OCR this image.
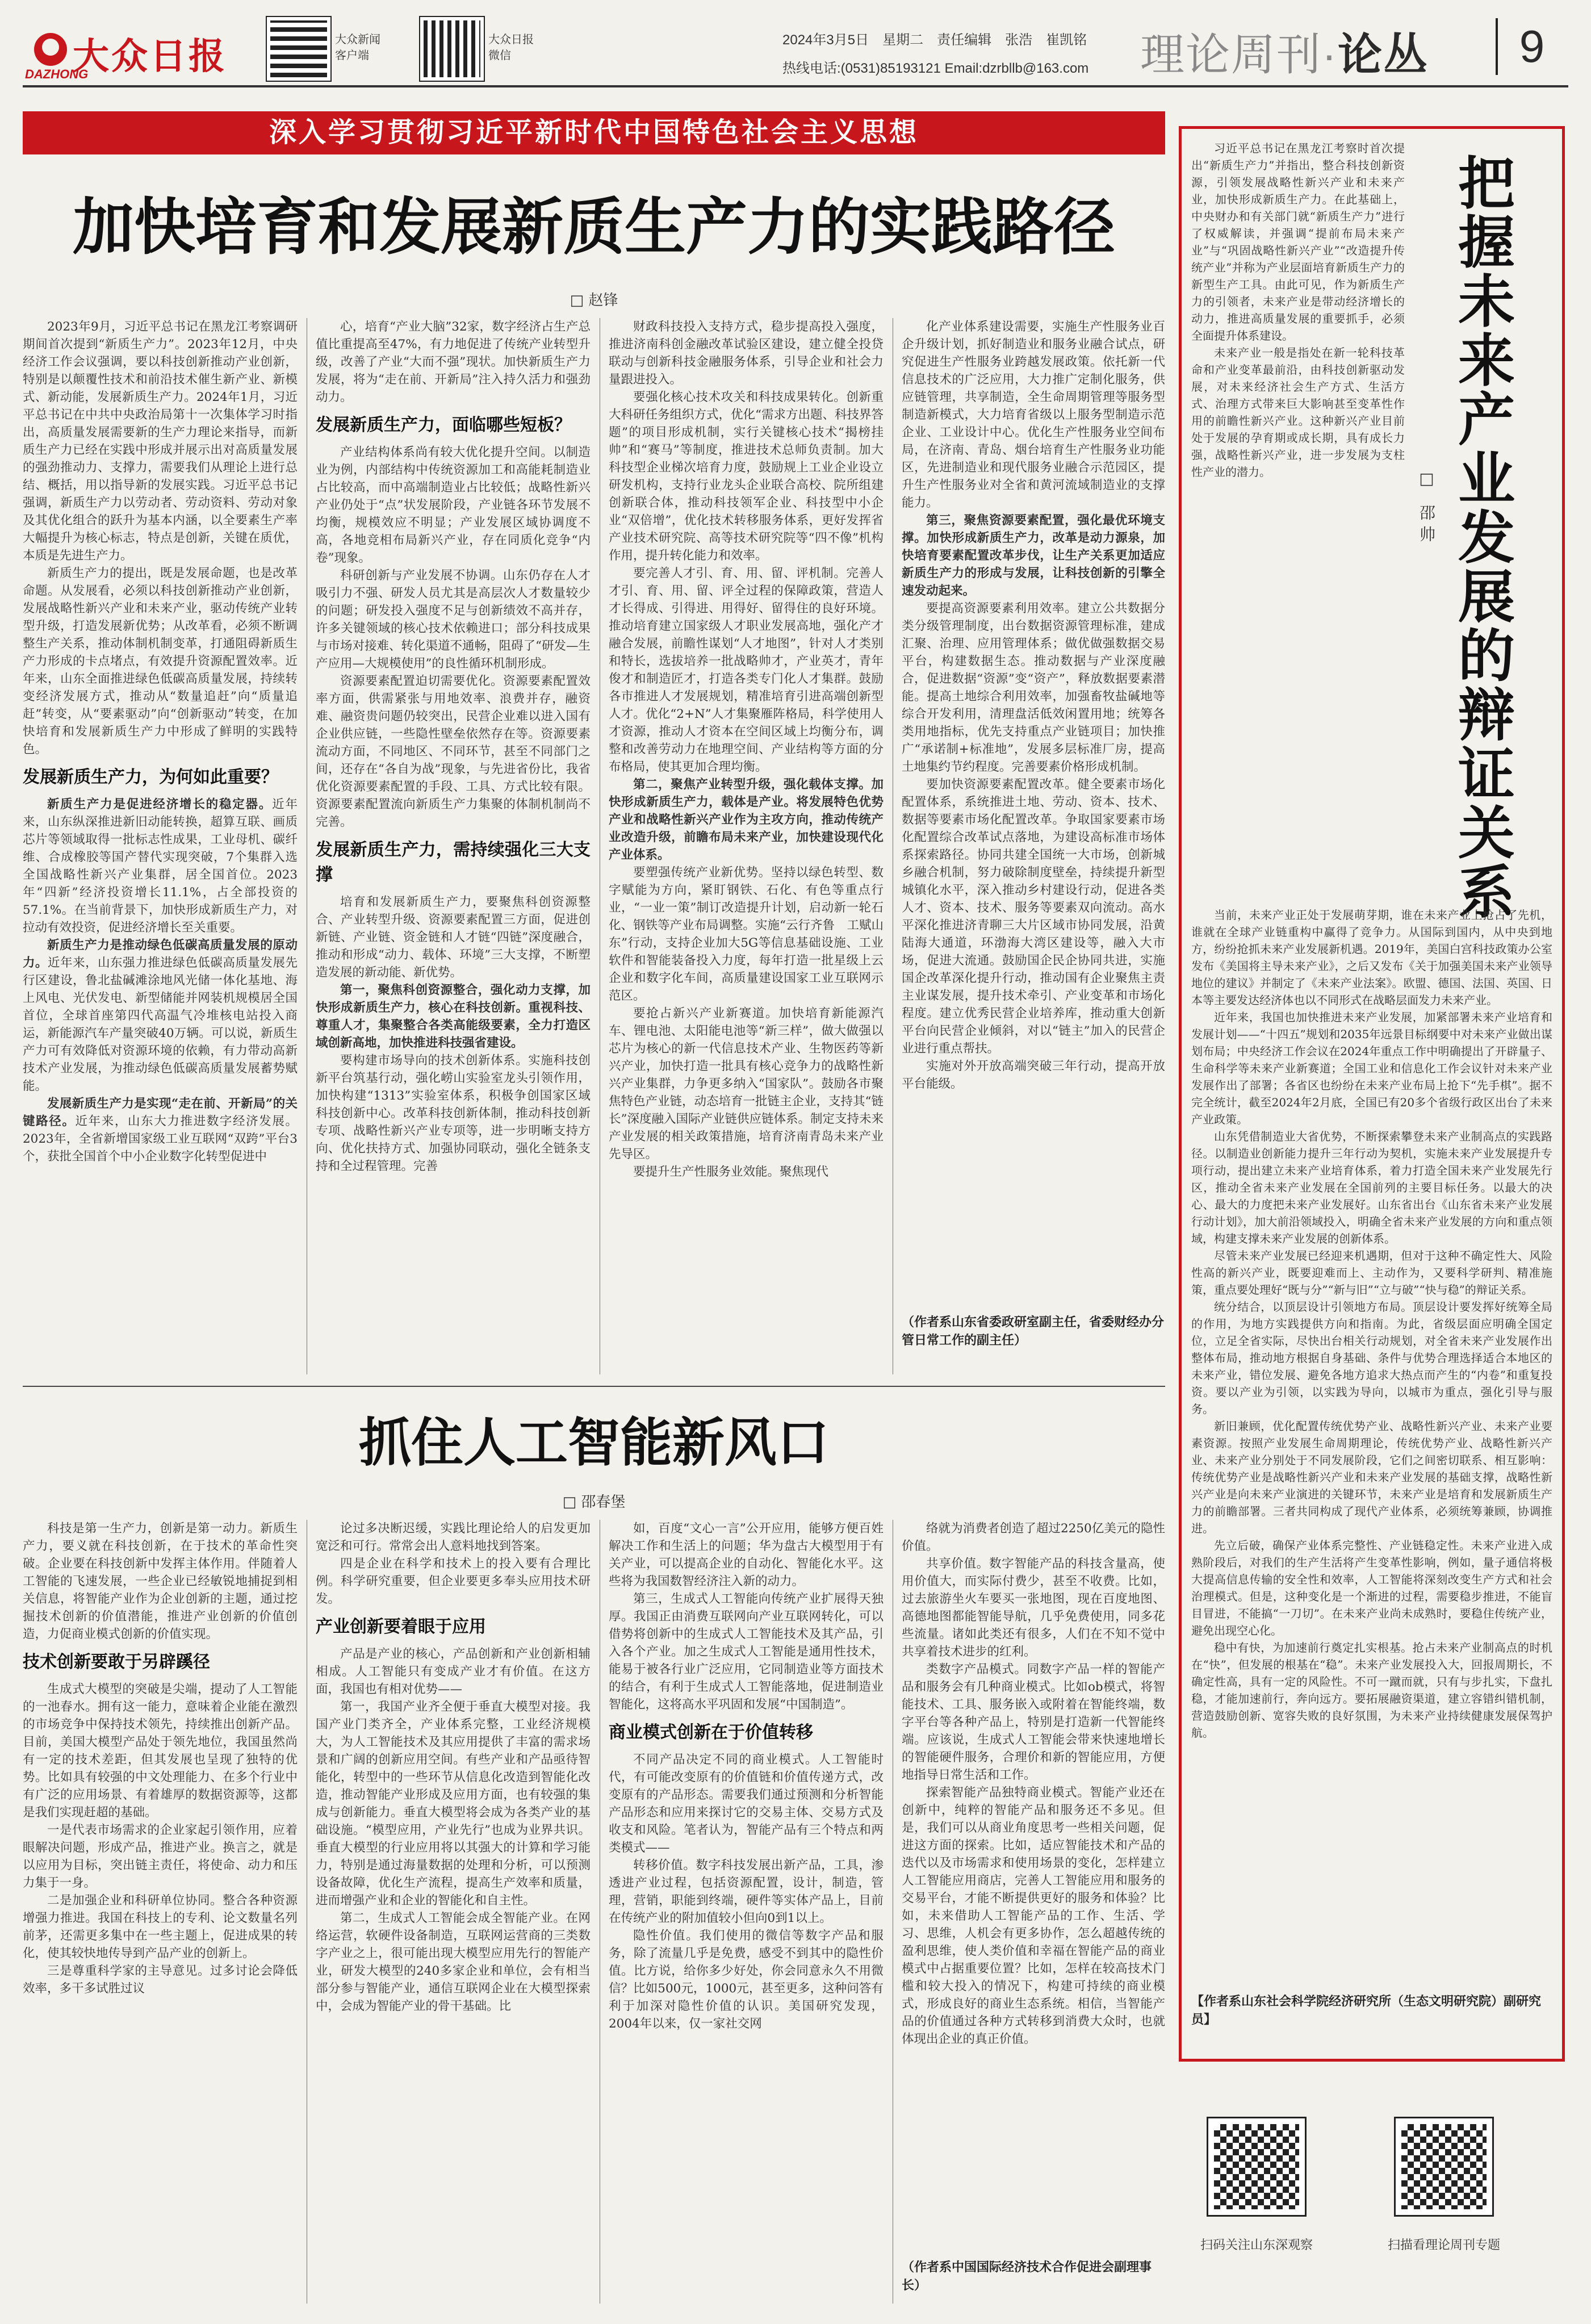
大众日报
DAZHONG
大众新闻
客户端
大众日报
微信
2024年3月5日　星期二　责任编辑　张浩　崔凯铭
热线电话:(0531)85193121 Email:dzrbllb@163.com 理论周刊·论丛	9
深入学习贯彻习近平新时代中国特色社会主义思想
加快培育和发展新质生产力的实践路径
□ 赵锋

2023年9月，习近平总书记在黑龙江考察调研期间首次提到“新质生产力”。2023年12月，中央经济工作会议强调，要以科技创新推动产业创新，特别是以颠覆性技术和前沿技术催生新产业、新模式、新动能，发展新质生产力。2024年1月，习近平总书记在中共中央政治局第十一次集体学习时指出，高质量发展需要新的生产力理论来指导，而新质生产力已经在实践中形成并展示出对高质量发展的强劲推动力、支撑力，需要我们从理论上进行总结、概括，用以指导新的发展实践。习近平总书记强调，新质生产力以劳动者、劳动资料、劳动对象及其优化组合的跃升为基本内涵，以全要素生产率大幅提升为核心标志，特点是创新，关键在质优，本质是先进生产力。

新质生产力的提出，既是发展命题，也是改革命题。从发展看，必须以科技创新推动产业创新，发展战略性新兴产业和未来产业，驱动传统产业转型升级，打造发展新优势；从改革看，必须不断调整生产关系，推动体制机制变革，打通阻碍新质生产力形成的卡点堵点，有效提升资源配置效率。近年来，山东全面推进绿色低碳高质量发展，持续转变经济发展方式，推动从“数量追赶”向“质量追赶”转变，从“要素驱动”向“创新驱动”转变，在加快培育和发展新质生产力中形成了鲜明的实践特色。

发展新质生产力，为何如此重要？

新质生产力是促进经济增长的稳定器。近年来，山东纵深推进新旧动能转换，超算互联、画质芯片等领域取得一批标志性成果，工业母机、碳纤维、合成橡胶等国产替代实现突破，7个集群入选全国战略性新兴产业集群，居全国首位。2023年“四新”经济投资增长11.1%，占全部投资的57.1%。在当前背景下，加快形成新质生产力，对拉动有效投资，促进经济增长至关重要。

新质生产力是推动绿色低碳高质量发展的原动力。近年来，山东强力推进绿色低碳高质量发展先行区建设，鲁北盐碱滩涂地风光储一体化基地、海上风电、光伏发电、新型储能并网装机规模居全国首位，全球首座第四代高温气冷堆核电站投入商运，新能源汽车产量突破40万辆。可以说，新质生产力可有效降低对资源环境的依赖，有力带动高新技术产业发展，为推动绿色低碳高质量发展蓄势赋能。

发展新质生产力是实现“走在前、开新局”的关键路径。近年来，山东大力推进数字经济发展。2023年，全省新增国家级工业互联网“双跨”平台3个，获批全国首个中小企业数字化转型促进中

心，培育“产业大脑”32家，数字经济占生产总值比重提高至47%，有力地促进了传统产业转型升级，改善了产业“大而不强”现状。加快新质生产力发展，将为“走在前、开新局”注入持久活力和强劲动力。

发展新质生产力，面临哪些短板？

产业结构体系尚有较大优化提升空间。以制造业为例，内部结构中传统资源加工和高能耗制造业占比较高，而中高端制造业占比较低；战略性新兴产业仍处于“点”状发展阶段，产业链各环节发展不均衡，规模效应不明显；产业发展区域协调度不高，各地竞相布局新兴产业，存在同质化竞争“内卷”现象。

科研创新与产业发展不协调。山东仍存在人才吸引力不强、研发人员尤其是高层次人才数量较少的问题；研发投入强度不足与创新绩效不高并存，许多关键领域的核心技术依赖进口；部分科技成果与市场对接难、转化渠道不通畅，阻碍了“研发—生产应用—大规模使用”的良性循环机制形成。

资源要素配置迫切需要优化。资源要素配置效率方面，供需紧张与用地效率、浪费并存，融资难、融资贵问题仍较突出，民营企业难以进入国有企业供应链，一些隐性壁垒依然存在等。资源要素流动方面，不同地区、不同环节，甚至不同部门之间，还存在“各自为战”现象，与先进省份比，我省优化资源要素配置的手段、工具、方式比较有限。资源要素配置流向新质生产力集聚的体制机制尚不完善。

发展新质生产力，需持续强化三大支撑

培育和发展新质生产力，要聚焦科创资源整合、产业转型升级、资源要素配置三方面，促进创新链、产业链、资金链和人才链“四链”深度融合，推动和形成“动力、载体、环境”三大支撑，不断塑造发展的新动能、新优势。

第一，聚焦科创资源整合，强化动力支撑，加快形成新质生产力，核心在科技创新。重视科技、尊重人才，集聚整合各类高能级要素，全力打造区域创新高地，加快推进科技强省建设。

要构建市场导向的技术创新体系。实施科技创新平台筑基行动，强化崂山实验室龙头引领作用，加快构建“1313”实验室体系，积极争创国家区域科技创新中心。改革科技创新体制，推动科技创新专项、战略性新兴产业专项等，进一步明晰支持方向、优化扶持方式、加强协同联动，强化全链条支持和全过程管理。完善

财政科技投入支持方式，稳步提高投入强度，推进济南科创金融改革试验区建设，建立健全投贷联动与创新科技金融服务体系，引导企业和社会力量跟进投入。

要强化核心技术攻关和科技成果转化。创新重大科研任务组织方式，优化“需求方出题、科技界答题”的项目形成机制，实行关键核心技术“揭榜挂帅”和“赛马”等制度，推进技术总师负责制。加大科技型企业梯次培育力度，鼓励规上工业企业设立研发机构，支持行业龙头企业联合高校、院所组建创新联合体，推动科技领军企业、科技型中小企业“双倍增”，优化技术转移服务体系，更好发挥省产业技术研究院、高等技术研究院等“四不像”机构作用，提升转化能力和效率。

要完善人才引、育、用、留、评机制。完善人才引、育、用、留、评全过程的保障政策，营造人才长得成、引得进、用得好、留得住的良好环境。推动培育建立国家级人才职业发展高地，强化产才融合发展，前瞻性谋划“人才地图”，针对人才类别和特长，选拔培养一批战略帅才，产业英才，青年俊才和制造匠才，打造各类专门化人才集群。鼓励各市推进人才发展规划，精准培育引进高端创新型人才。优化“2+N”人才集聚雁阵格局，科学使用人才资源，推动人才资本在空间区域上均衡分布，调整和改善劳动力在地理空间、产业结构等方面的分布格局，使其更加合理均衡。

第二，聚焦产业转型升级，强化载体支撑。加快形成新质生产力，载体是产业。将发展特色优势产业和战略性新兴产业作为主攻方向，推动传统产业改造升级，前瞻布局未来产业，加快建设现代化产业体系。

要塑强传统产业新优势。坚持以绿色转型、数字赋能为方向，紧盯钢铁、石化、有色等重点行业，“一业一策”制订改造提升计划，启动新一轮石化、钢铁等产业布局调整。实施“云行齐鲁　工赋山东”行动，支持企业加大5G等信息基础设施、工业软件和智能装备投入力度，每年打造一批星级上云企业和数字化车间，高质量建设国家工业互联网示范区。

要抢占新兴产业新赛道。加快培育新能源汽车、锂电池、太阳能电池等“新三样”，做大做强以芯片为核心的新一代信息技术产业、生物医药等新兴产业，加快打造一批具有核心竞争力的战略性新兴产业集群，力争更多纳入“国家队”。鼓励各市聚焦特色产业链，动态培育一批链主企业，支持其“链长”深度融入国际产业链供应链体系。制定支持未来产业发展的相关政策措施，培育济南青岛未来产业先导区。

要提升生产性服务业效能。聚焦现代

化产业体系建设需要，实施生产性服务业百企升级计划，抓好制造业和服务业融合试点，研究促进生产性服务业跨越发展政策。依托新一代信息技术的广泛应用，大力推广定制化服务，供应链管理，共享制造，全生命周期管理等服务型制造新模式，大力培育省级以上服务型制造示范企业、工业设计中心。优化生产性服务业空间布局，在济南、青岛、烟台培育生产性服务业功能区，先进制造业和现代服务业融合示范园区，提升生产性服务业对全省和黄河流域制造业的支撑能力。

第三，聚焦资源要素配置，强化最优环境支撑。加快形成新质生产力，改革是动力源泉，加快培育要素配置改革步伐，让生产关系更加适应新质生产力的形成与发展，让科技创新的引擎全速发动起来。

要提高资源要素利用效率。建立公共数据分类分级管理制度，出台数据资源管理标准，建成汇聚、治理、应用管理体系；做优做强数据交易平台，构建数据生态。推动数据与产业深度融合，促进数据“资源”变“资产”，释放数据要素潜能。提高土地综合利用效率，加强畜牧盐碱地等综合开发利用，清理盘活低效闲置用地；统筹各类用地指标，优先支持重点产业链项目；加快推广“承诺制+标准地”，发展多层标准厂房，提高土地集约节约程度。完善要素价格形成机制。

要加快资源要素配置改革。健全要素市场化配置体系，系统推进土地、劳动、资本、技术、数据等要素市场化配置改革。争取国家要素市场化配置综合改革试点落地，为建设高标准市场体系探索路径。协同共建全国统一大市场，创新城乡融合机制，努力破除制度壁垒，持续提升新型城镇化水平，深入推动乡村建设行动，促进各类人才、资本、技术、服务等要素双向流动。高水平深化推进济青聊三大片区域市协同发展，沿黄陆海大通道，环渤海大湾区建设等，融入大市场，促进大流通。鼓励国企民企协同共进，实施国企改革深化提升行动，推动国有企业聚焦主责主业谋发展，提升技术牵引、产业变革和市场化程度。建立优秀民营企业培养库，推动重大创新平台向民营企业倾斜，对以“链主”加入的民营企业进行重点帮扶。

实施对外开放高端突破三年行动，提高开放平台能级。

（作者系山东省委政研室副主任，省委财经办分管日常工作的副主任）
抓住人工智能新风口
□ 邵春堡

科技是第一生产力，创新是第一动力。新质生产力，要义就在科技创新，在于技术的革命性突破。企业要在科技创新中发挥主体作用。伴随着人工智能的飞速发展，一些企业已经敏锐地捕捉到相关信息，将智能产业作为企业创新的主题，通过挖掘技术创新的价值潜能，推进产业创新的价值创造，力促商业模式创新的价值实现。

技术创新要敢于另辟蹊径

生成式大模型的突破是尖端，提动了人工智能的一池春水。拥有这一能力，意味着企业能在激烈的市场竞争中保持技术领先，持续推出创新产品。目前，美国大模型产品处于领先地位，我国虽然尚有一定的技术差距，但其发展也呈现了独特的优势。比如具有较强的中文处理能力、在多个行业中有广泛的应用场景、有着雄厚的数据资源等，这都是我们实现赶超的基础。

一是代表市场需求的企业家起引领作用，应着眼解决问题，形成产品，推进产业。换言之，就是以应用为目标，突出链主责任，将使命、动力和压力集于一身。

二是加强企业和科研单位协同。整合各种资源增强力推进。我国在科技上的专利、论文数量名列前茅，还需更多集中在一些主题上，促进成果的转化，使其较快地传导到产品产业的创新上。

三是尊重科学家的主导意见。过多讨论会降低效率，多干多试胜过议

论过多决断迟缓，实践比理论给人的启发更加宽泛和可行。常常会出人意料地找到答案。

四是企业在科学和技术上的投入要有合理比例。科学研究重要，但企业要更多奉头应用技术研发。

产业创新要着眼于应用

产品是产业的核心，产品创新和产业创新相辅相成。人工智能只有变成产业才有价值。在这方面，我国也有相对优势——

第一，我国产业齐全便于垂直大模型对接。我国产业门类齐全，产业体系完整，工业经济规模大，为人工智能技术及其应用提供了丰富的需求场景和广阔的创新应用空间。有些产业和产品亟待智能化，转型中的一些环节从信息化改造到智能化改造，推动智能产业形成及应用方面，也有较强的集成与创新能力。垂直大模型将会成为各类产业的基础设施。“模型应用，产业先行”也成为业界共识。垂直大模型的行业应用将以其强大的计算和学习能力，特别是通过海量数据的处理和分析，可以预测设备故障，优化生产流程，提高生产效率和质量，进而增强产业和企业的智能化和自主性。

第二，生成式人工智能会成全智能产业。在网络运营，软硬件设备制造，互联网运营商的三类数字产业之上，很可能出现大模型应用先行的智能产业，研发大模型的240多家企业和单位，会有相当部分参与智能产业，通信互联网企业在大模型探索中，会成为智能产业的骨干基础。比

如，百度“文心一言”公开应用，能够方便百姓解决工作和生活上的问题；华为盘古大模型用于有关产业，可以提高企业的自动化、智能化水平。这些将为我国数智经济注入新的动力。

第三，生成式人工智能向传统产业扩展得天独厚。我国正由消费互联网向产业互联网转化，可以借势将创新中的生成式人工智能技术及其产品，引入各个产业。加之生成式人工智能是通用性技术，能易于被各行业广泛应用，它同制造业等方面技术的结合，有利于生成式人工智能落地，促进制造业智能化，这将高水平巩固和发展“中国制造”。

商业模式创新在于价值转移

不同产品决定不同的商业模式。人工智能时代，有可能改变原有的价值链和价值传递方式，改变原有的产品形态。需要我们通过预测和分析智能产品形态和应用来探讨它的交易主体、交易方式及收支和风险。笔者认为，智能产品有三个特点和两类模式——

转移价值。数字科技发展出新产品，工具，渗透进产业过程，包括资源配置，设计，制造，管理，营销，职能到终端，硬件等实体产品上，目前在传统产业的附加值较小但向0到1以上。

隐性价值。我们使用的微信等数字产品和服务，除了流量几乎是免费，感受不到其中的隐性价值。比方说，给你多少好处，你会同意永久不用微信？比如500元，1000元，甚至更多，这种问答有利于加深对隐性价值的认识。美国研究发现，2004年以来，仅一家社交网

络就为消费者创造了超过2250亿美元的隐性价值。

共享价值。数字智能产品的科技含量高，使用价值大，而实际付费少，甚至不收费。比如，过去旅游坐火车要买一张地图，现在百度地图、高德地图都能智能导航，几乎免费使用，同多花些流量。诸如此类还有很多，人们在不知不觉中共享着技术进步的红利。

类数字产品模式。同数字产品一样的智能产品和服务会有几种商业模式。比如ob模式，将智能技术、工具、服务嵌入或附着在智能终端，数字平台等各种产品上，特别是打造新一代智能终端。应该说，生成式人工智能会带来快速地增长的智能硬件服务，合理价和新的智能应用，方便地指导日常生活和工作。

探索智能产品独特商业模式。智能产业还在创新中，纯粹的智能产品和服务还不多见。但是，我们可以从商业角度思考一些相关问题，促进这方面的探索。比如，适应智能技术和产品的迭代以及市场需求和使用场景的变化，怎样建立人工智能应用商店，完善人工智能应用和服务的交易平台，才能不断提供更好的服务和体验？比如，未来借助人工智能产品的工作、生活、学习、思维，人机会有更多协作，怎么超越传统的盈利思维，使人类价值和幸福在智能产品的商业模式中占据重要位置？比如，怎样在较高技术门槛和较大投入的情况下，构建可持续的商业模式，形成良好的商业生态系统。相信，当智能产品的价值通过各种方式转移到消费大众时，也就体现出企业的真正价值。

（作者系中国国际经济技术合作促进会副理事长）
把握未来产业发展的辩证关系
□ 邵帅

习近平总书记在黑龙江考察时首次提出“新质生产力”并指出，整合科技创新资源，引领发展战略性新兴产业和未来产业，加快形成新质生产力。在此基础上，中央财办和有关部门就“新质生产力”进行了权威解读，并强调“提前布局未来产业”与“巩固战略性新兴产业”“改造提升传统产业”并称为产业层面培育新质生产力的新型生产工具。由此可见，作为新质生产力的引领者，未来产业是带动经济增长的动力，推进高质量发展的重要抓手，必须全面提升体系建设。

未来产业一般是指处在新一轮科技革命和产业变革最前沿，由科技创新驱动发展，对未来经济社会生产方式、生活方式、治理方式带来巨大影响甚至变革性作用的前瞻性新兴产业。这种新兴产业目前处于发展的孕育期或成长期，具有成长力强，战略性新兴产业，进一步发展为支柱性产业的潜力。

当前，未来产业正处于发展萌芽期，谁在未来产业上抢占了先机，谁就在全球产业链重构中赢得了竞争力。从国际到国内，从中央到地方，纷纷抢抓未来产业发展新机遇。2019年，美国白宫科技政策办公室发布《美国将主导未来产业》，之后又发布《关于加强美国未来产业领导地位的建议》并制定了《未来产业法案》。欧盟、德国、法国、英国、日本等主要发达经济体也以不同形式在战略层面发力未来产业。

近年来，我国也加快推进未来产业发展，加紧部署未来产业培育和发展计划——“十四五”规划和2035年远景目标纲要中对未来产业做出谋划布局；中央经济工作会议在2024年重点工作中明确提出了开辟量子、生命科学等未来产业新赛道；全国工业和信息化工作会议针对未来产业发展作出了部署；各省区也纷纷在未来产业布局上抢下“先手棋”。据不完全统计，截至2024年2月底，全国已有20多个省级行政区出台了未来产业政策。

山东凭借制造业大省优势，不断探索攀登未来产业制高点的实践路径。以制造业创新能力提升三年行动为契机，实施未来产业发展提升专项行动，提出建立未来产业培育体系，着力打造全国未来产业发展先行区，推动全省未来产业发展在全国前列的主要目标任务。以最大的决心、最大的力度把未来产业发展好。山东省出台《山东省未来产业发展行动计划》，加大前沿领域投入，明确全省未来产业发展的方向和重点领域，构建支撑未来产业发展的创新体系。

尽管未来产业发展已经迎来机遇期，但对于这种不确定性大、风险性高的新兴产业，既要迎难而上、主动作为，又要科学研判、精准施策，重点要处理好“既与分”“新与旧”“立与破”“快与稳”的辩证关系。

统分结合，以顶层设计引领地方布局。顶层设计要发挥好统筹全局的作用，为地方实践提供方向和指南。为此，省级层面应明确全国定位，立足全省实际，尽快出台相关行动规划，对全省未来产业发展作出整体布局，推动地方根据自身基础、条件与优势合理选择适合本地区的未来产业，错位发展、避免各地方追求大热点而产生的“内卷”和重复投资。要以产业为引领，以实践为导向，以城市为重点，强化引导与服务。

新旧兼顾，优化配置传统优势产业、战略性新兴产业、未来产业要素资源。按照产业发展生命周期理论，传统优势产业、战略性新兴产业、未来产业分别处于不同发展阶段，它们之间密切联系、相互影响：传统优势产业是战略性新兴产业和未来产业发展的基础支撑，战略性新兴产业是向未来产业演进的关键环节，未来产业是培育和发展新质生产力的前瞻部署。三者共同构成了现代产业体系，必须统筹兼顾，协调推进。

先立后破，确保产业体系完整性、产业链稳定性。未来产业进入成熟阶段后，对我们的生产生活将产生变革性影响，例如，量子通信将极大提高信息传输的安全性和效率，人工智能将深刻改变生产方式和社会治理模式。但是，这种变化是一个渐进的过程，需要稳步推进，不能盲目冒进，不能搞“一刀切”。在未来产业尚未成熟时，要稳住传统产业，避免出现空心化。

稳中有快，为加速前行奠定扎实根基。抢占未来产业制高点的时机在“快”，但发展的根基在“稳”。未来产业发展投入大，回报周期长，不确定性高，具有一定的风险性。不可一蹴而就，只有与步扎实，下盘扎稳，才能加速前行，奔向远方。要拓展融资渠道，建立容错纠错机制，营造鼓励创新、宽容失败的良好氛围，为未来产业持续健康发展保驾护航。

【作者系山东社会科学院经济研究所（生态文明研究院）副研究员】
扫码关注山东深观察	扫描看理论周刊专题
